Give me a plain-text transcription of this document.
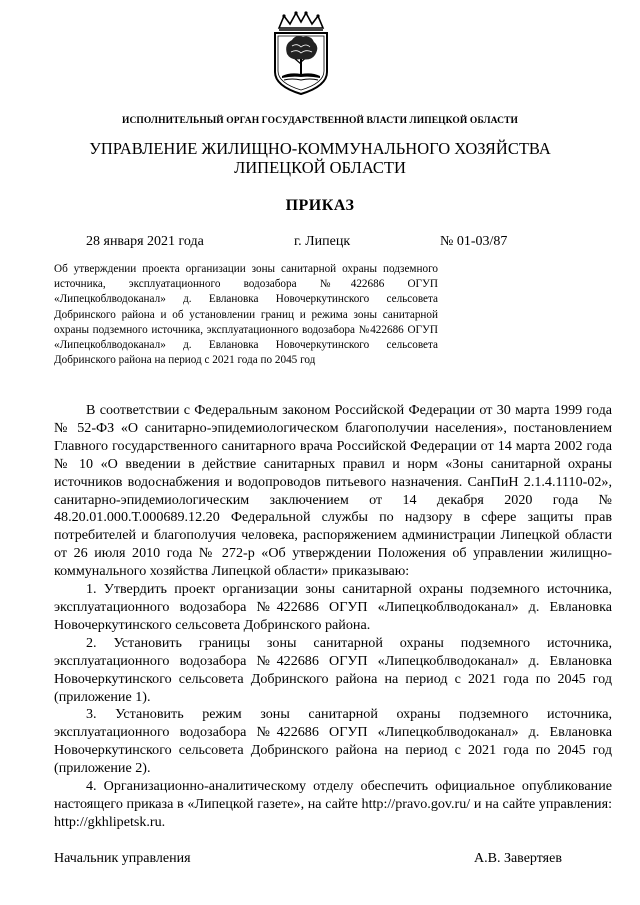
ИСПОЛНИТЕЛЬНЫЙ ОРГАН ГОСУДАРСТВЕННОЙ ВЛАСТИ ЛИПЕЦКОЙ ОБЛАСТИ
УПРАВЛЕНИЕ ЖИЛИЩНО-КОММУНАЛЬНОГО ХОЗЯЙСТВА
ЛИПЕЦКОЙ ОБЛАСТИ
ПРИКАЗ
28 января 2021 года	г. Липецк	№ 01-03/87
Об утверждении проекта организации зоны санитарной охраны подземного источника, эксплуатационного водозабора №422686 ОГУП «Липецкоблводоканал» д. Евлановка Новочеркутинского сельсовета Добринского района и об установлении границ и режима зоны санитарной охраны подземного источника, эксплуатационного водозабора №422686 ОГУП «Липецкоблводоканал» д. Евлановка Новочеркутинского сельсовета Добринского района на период с 2021 года по 2045 год

В соответствии с Федеральным законом Российской Федерации от 30 марта 1999 года № 52-ФЗ «О санитарно-эпидемиологическом благополучии населения», постановлением Главного государственного санитарного врача Российской Федерации от 14 марта 2002 года № 10 «О введении в действие санитарных правил и норм «Зоны санитарной охраны источников водоснабжения и водопроводов питьевого назначения. СанПиН 2.1.4.1110-02», санитарно-эпидемиологическим заключением от 14 декабря 2020 года № 48.20.01.000.Т.000689.12.20 Федеральной службы по надзору в сфере защиты прав потребителей и благополучия человека, распоряжением администрации Липецкой области от 26 июля 2010 года № 272-р «Об утверждении Положения об управлении жилищно-коммунального хозяйства Липецкой области» приказываю:

1. Утвердить проект организации зоны санитарной охраны подземного источника, эксплуатационного водозабора №422686 ОГУП «Липецкоблводоканал» д. Евлановка Новочеркутинского сельсовета Добринского района.

2. Установить границы зоны санитарной охраны подземного источника, эксплуатационного водозабора №422686 ОГУП «Липецкоблводоканал» д. Евлановка Новочеркутинского сельсовета Добринского района на период с 2021 года по 2045 год (приложение 1).

3. Установить режим зоны санитарной охраны подземного источника, эксплуатационного водозабора №422686 ОГУП «Липецкоблводоканал» д. Евлановка Новочеркутинского сельсовета Добринского района на период с 2021 года по 2045 год (приложение 2).

4. Организационно-аналитическому отделу обеспечить официальное опубликование настоящего приказа в «Липецкой газете», на сайте http://pravo.gov.ru/ и на сайте управления: http://gkhlipetsk.ru.

Начальник управления	А.В. Завертяев
